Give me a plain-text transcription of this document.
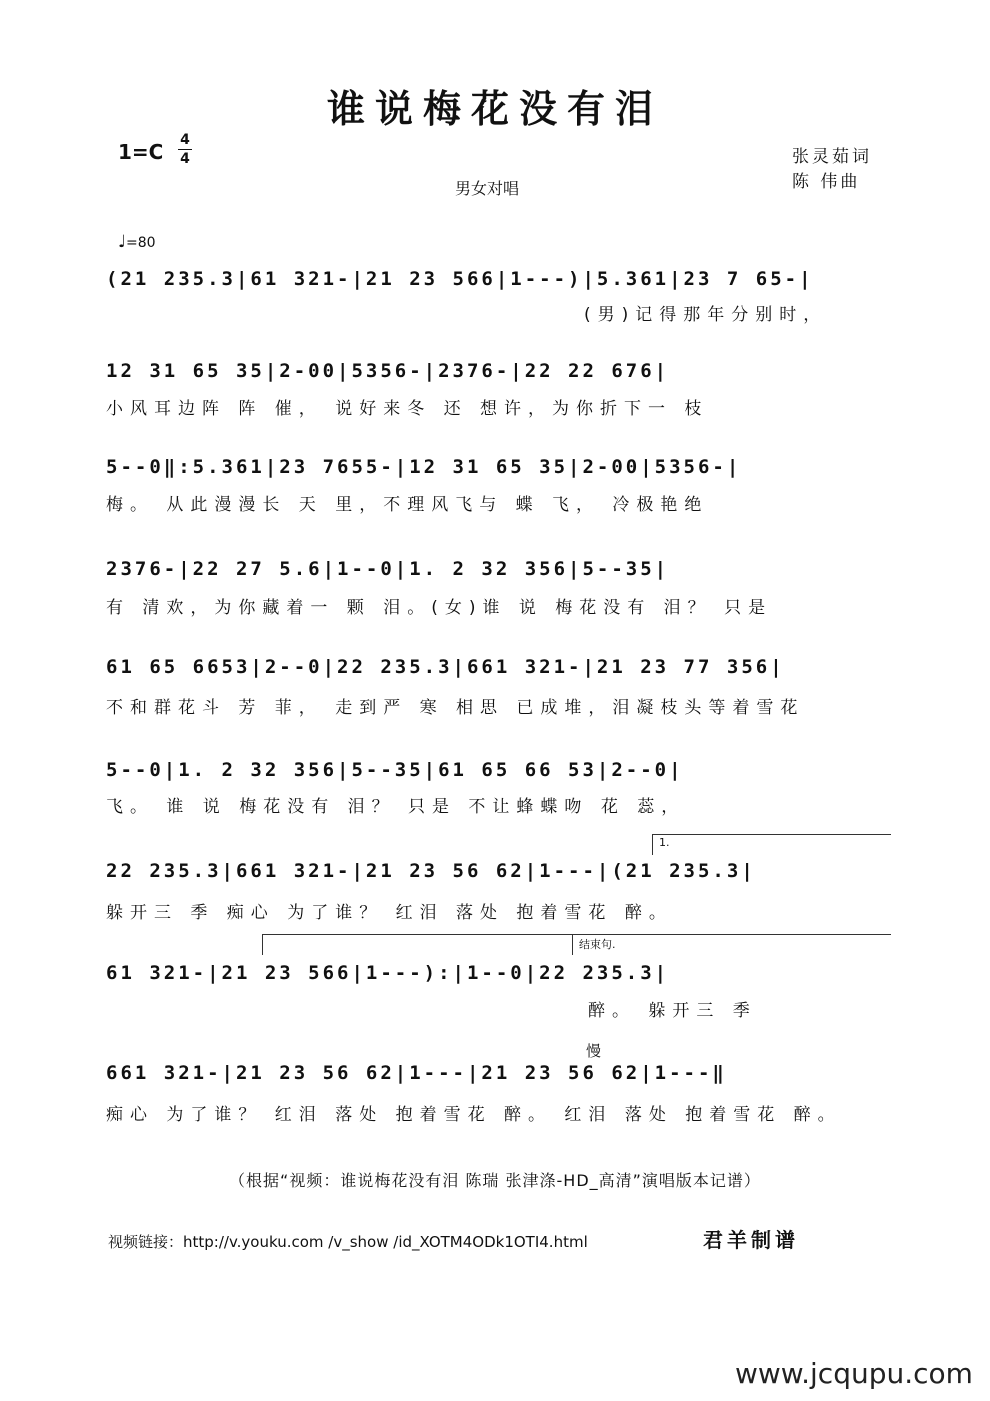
谁说梅花没有泪
1=C 4
4	张灵茹词
陈 伟曲
男女对唱
♩=80
(21 235.3|61 321-|21 23 566|1---)|5.361|23 7 65-|
(男)记得那年分别时，
12 31 65 35|2-00|5356-|2376-|22 22 676|
小风耳边阵 阵 催， 说好来冬 还 想许，为你折下一 枝
5--0‖:5.361|23 7655-|12 31 65 35|2-00|5356-|
梅。 从此漫漫长 天 里，不理风飞与 蝶 飞， 冷极艳绝
2376-|22 27 5.6|1--0|1. 2 32 356|5--35|
有 清欢，为你藏着一 颗 泪。(女)谁 说 梅花没有 泪？ 只是
61 65 6653|2--0|22 235.3|661 321-|21 23 77 356|
不和群花斗 芳 菲， 走到严 寒 相思 已成堆，泪凝枝头等着雪花
5--0|1. 2 32 356|5--35|61 65 66 53|2--0|
飞。 谁 说 梅花没有 泪？ 只是 不让蜂蝶吻 花 蕊，
1.
22 235.3|661 321-|21 23 56 62|1---|(21 235.3|
躲开三 季 痴心 为了谁？ 红泪 落处 抱着雪花 醉。
结束句.
61 321-|21 23 566|1---):|1--0|22 235.3|
醉。 躲开三 季
慢
661 321-|21 23 56 62|1---|21 23 56 62|1---‖
痴心 为了谁？ 红泪 落处 抱着雪花 醉。 红泪 落处 抱着雪花 醉。
（根据“视频：谁说梅花没有泪 陈瑞 张津涤-HD_高清”演唱版本记谱）
视频链接：http://v.youku.com /v_show /id_XOTM4ODk1OTI4.html	君羊制谱
www.jcqupu.com
